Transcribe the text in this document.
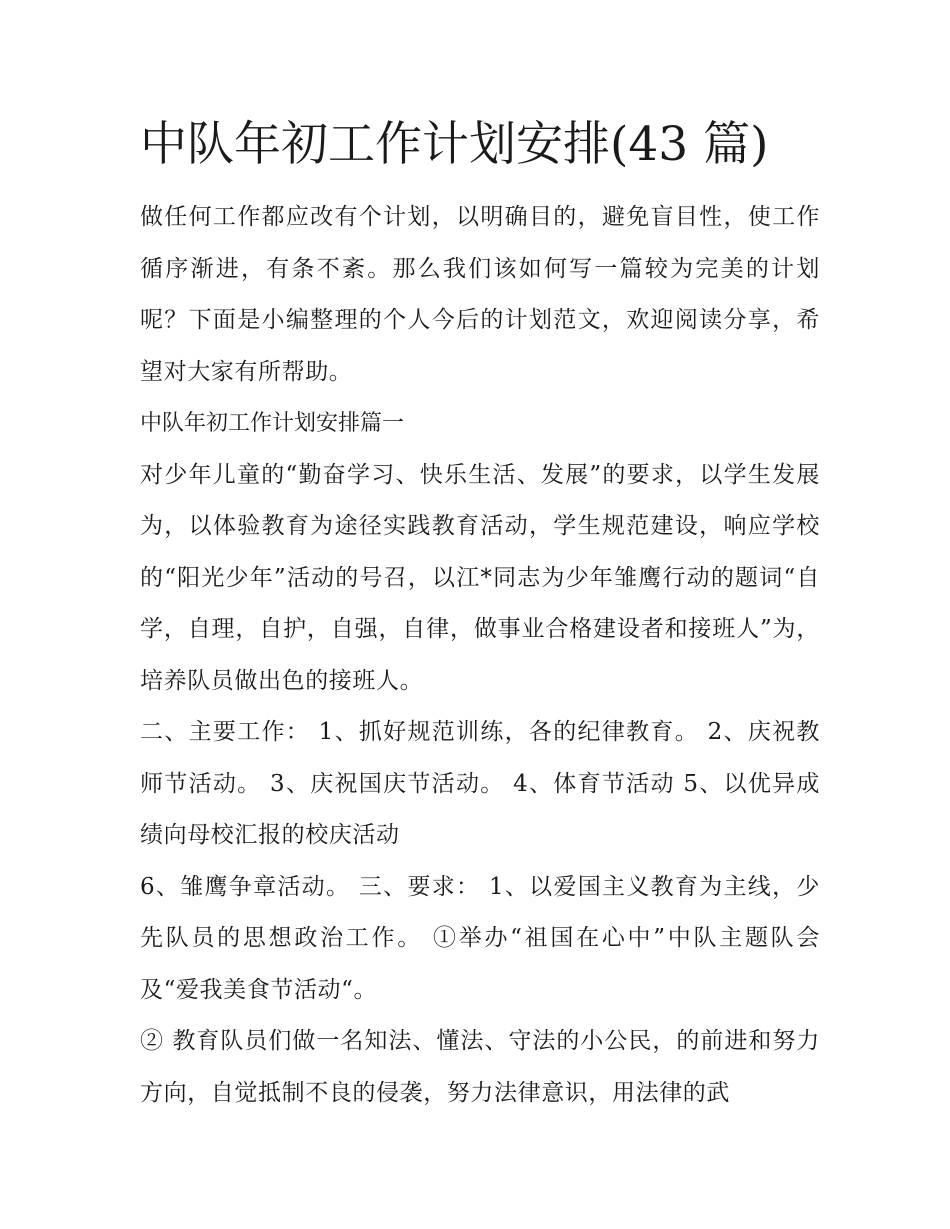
中队年初工作计划安排(43 篇)

做任何工作都应改有个计划，以明确目的，避免盲目性，使工作循序渐进，有条不紊。那么我们该如何写一篇较为完美的计划呢？下面是小编整理的个人今后的计划范文，欢迎阅读分享，希望对大家有所帮助。

中队年初工作计划安排篇一

对少年儿童的“勤奋学习、快乐生活、发展”的要求，以学生发展为，以体验教育为途径实践教育活动，学生规范建设，响应学校的“阳光少年”活动的号召，以江*同志为少年雏鹰行动的题词“自学，自理，自护，自强，自律，做事业合格建设者和接班人”为，培养队员做出色的接班人。

二、主要工作： 1、抓好规范训练，各的纪律教育。 2、庆祝教师节活动。 3、庆祝国庆节活动。 4、体育节活动 5、以优异成绩向母校汇报的校庆活动

6、雏鹰争章活动。 三、要求： 1、以爱国主义教育为主线，少先队员的思想政治工作。 ①举办“祖国在心中”中队主题队会及“爱我美食节活动“。

② 教育队员们做一名知法、懂法、守法的小公民，的前进和努力方向，自觉抵制不良的侵袭，努力法律意识，用法律的武
